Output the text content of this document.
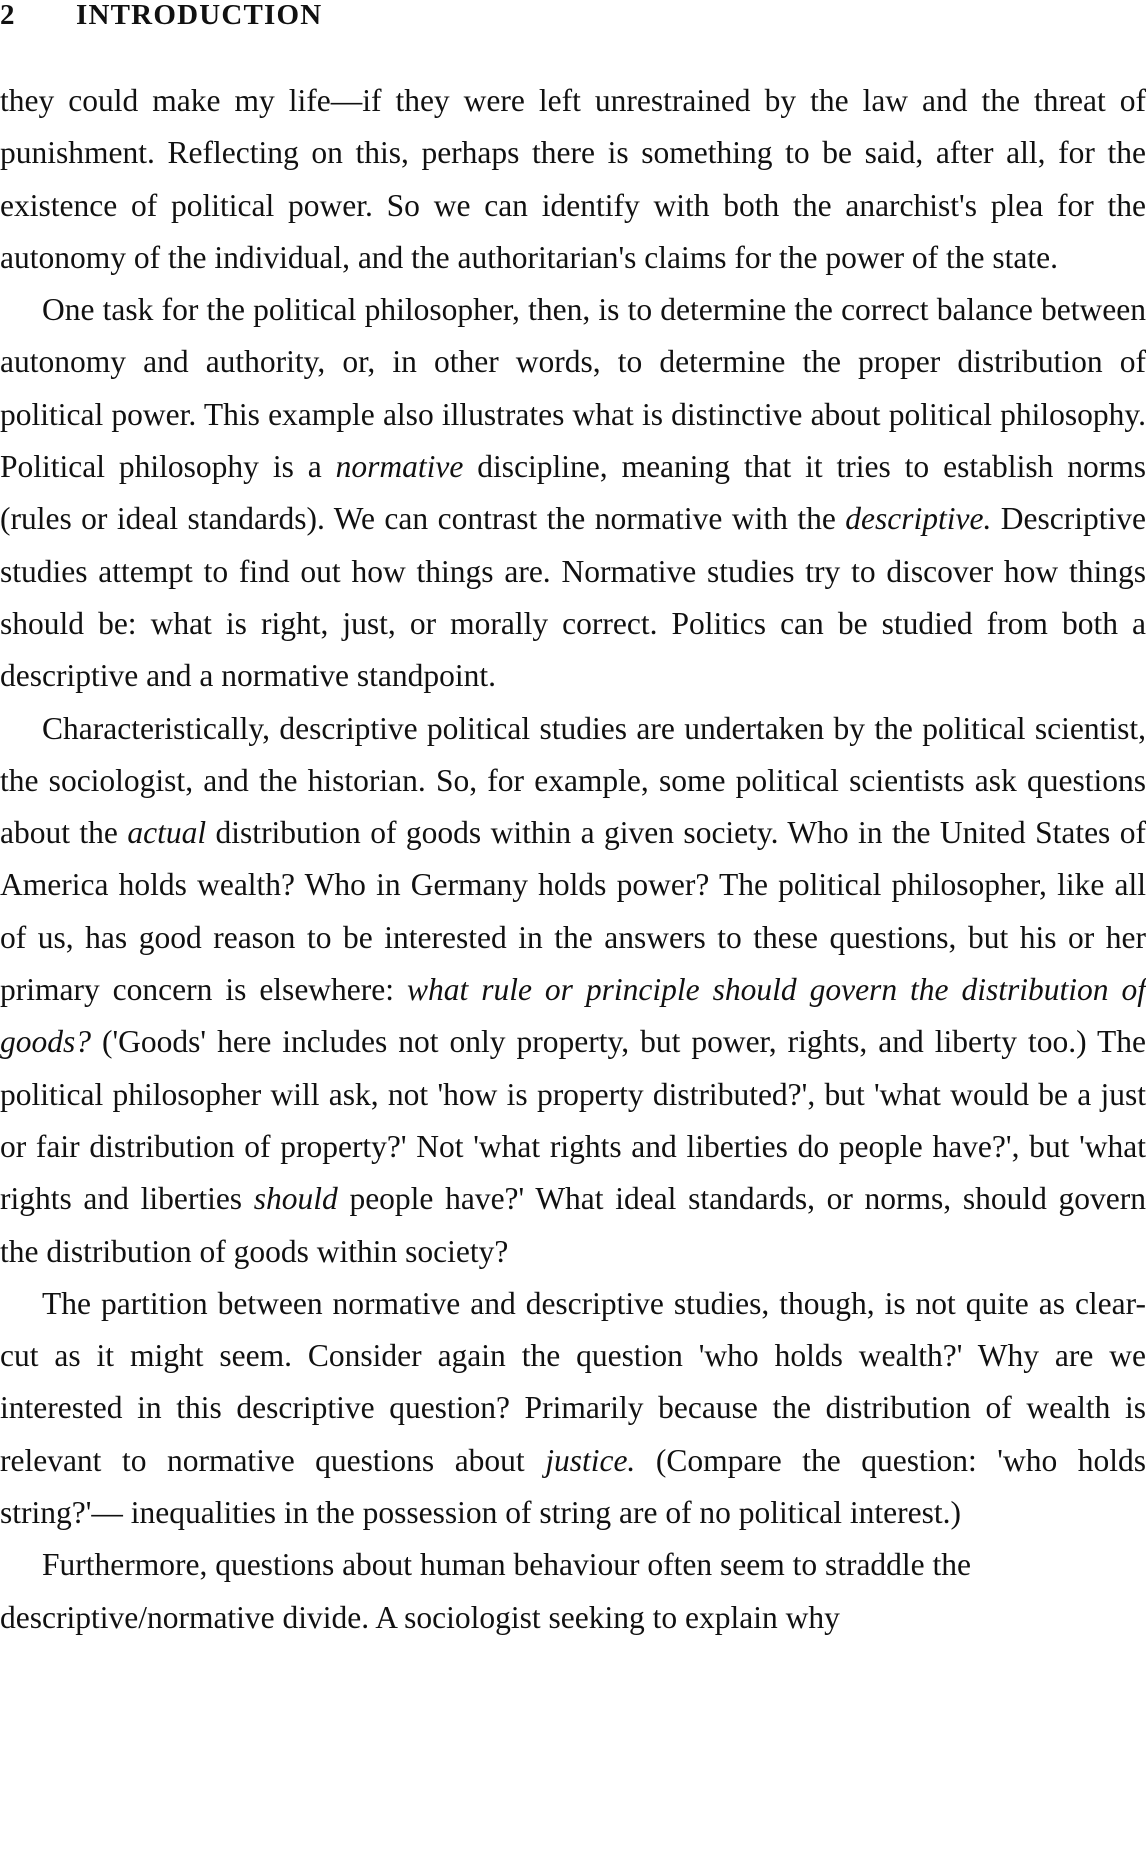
2 INTRODUCTION

they could make my life—if they were left unrestrained by the law and the threat of punishment. Reflecting on this, perhaps there is something to be said, after all, for the existence of political power. So we can identify with both the anarchist's plea for the autonomy of the individual, and the authoritarian's claims for the power of the state.

One task for the political philosopher, then, is to determine the correct balance between autonomy and authority, or, in other words, to determine the proper distribution of political power. This example also illustrates what is distinctive about political philosophy. Political philosophy is a normative discipline, meaning that it tries to establish norms (rules or ideal standards). We can contrast the normative with the descriptive. Descriptive studies attempt to find out how things are. Normative studies try to discover how things should be: what is right, just, or morally correct. Politics can be studied from both a descriptive and a normative standpoint.

Characteristically, descriptive political studies are undertaken by the political scientist, the sociologist, and the historian. So, for example, some political scientists ask questions about the actual distribution of goods within a given society. Who in the United States of America holds wealth? Who in Germany holds power? The political philosopher, like all of us, has good reason to be interested in the answers to these questions, but his or her primary concern is elsewhere: what rule or principle should govern the distribution of goods? ('Goods' here includes not only property, but power, rights, and liberty too.) The political philosopher will ask, not 'how is property distributed?', but 'what would be a just or fair distribution of property?' Not 'what rights and liberties do people have?', but 'what rights and liberties should people have?' What ideal standards, or norms, should govern the distribution of goods within society?

The partition between normative and descriptive studies, though, is not quite as clear-cut as it might seem. Consider again the question 'who holds wealth?' Why are we interested in this descriptive question? Primarily because the distribution of wealth is relevant to normative questions about justice. (Compare the question: 'who holds string?'— inequalities in the possession of string are of no political interest.)

Furthermore, questions about human behaviour often seem to straddle the descriptive/normative divide. A sociologist seeking to explain why
